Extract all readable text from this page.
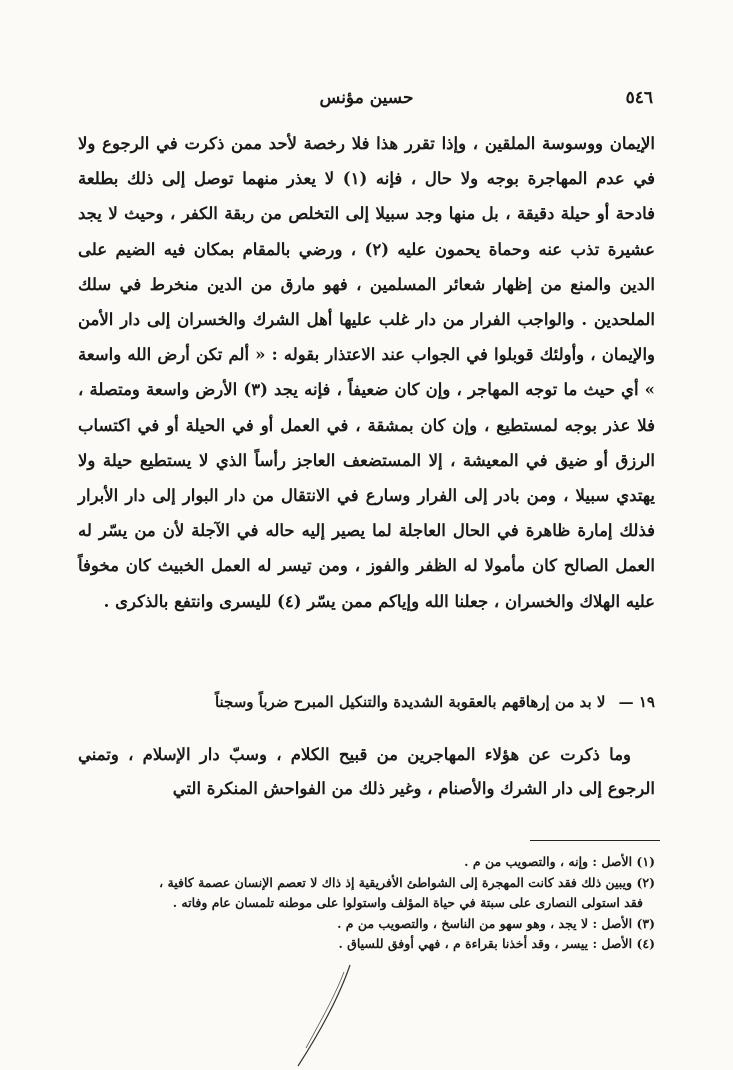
٥٤٦
حسين مؤنس

الإيمان ووسوسة الملقين ، وإذا تقرر هذا فلا رخصة لأحد ممن ذكرت في الرجوع ولا في عدم المهاجرة بوجه ولا حال ، فإنه (١) لا يعذر منهما توصل إلى ذلك بطلعة فادحة أو حيلة دقيقة ، بل منها وجد سبيلا إلى التخلص من ربقة الكفر ، وحيث لا يجد عشيرة تذب عنه وحماة يحمون عليه (٢) ، ورضي بالمقام بمكان فيه الضيم على الدين والمنع من إظهار شعائر المسلمين ، فهو مارق من الدين منخرط في سلك الملحدين . والواجب الفرار من دار غلب عليها أهل الشرك والخسران إلى دار الأمن والإيمان ، وأولئك قوبلوا في الجواب عند الاعتذار بقوله : « ألم تكن أرض الله واسعة » أي حيث ما توجه المهاجر ، وإن كان ضعيفاً ، فإنه يجد (٣) الأرض واسعة ومتصلة ، فلا عذر بوجه لمستطيع ، وإن كان بمشقة ، في العمل أو في الحيلة أو في اكتساب الرزق أو ضيق في المعيشة ، إلا المستضعف العاجز رأساً الذي لا يستطيع حيلة ولا يهتدي سبيلا ، ومن بادر إلى الفرار وسارع في الانتقال من دار البوار إلى دار الأبرار فذلك إمارة ظاهرة في الحال العاجلة لما يصير إليه حاله في الآجلة لأن من يسّر له العمل الصالح كان مأمولا له الظفر والفوز ، ومن تيسر له العمل الخبيث كان مخوفاً عليه الهلاك والخسران ، جعلنا الله وإياكم ممن يسّر (٤) لليسرى وانتفع بالذكرى .

١٩ — لا بد من إرهاقهم بالعقوبة الشديدة والتنكيل المبرح ضرباً وسجناً

وما ذكرت عن هؤلاء المهاجرين من قبيح الكلام ، وسبّ دار الإسلام ، وتمني الرجوع إلى دار الشرك والأصنام ، وغير ذلك من الفواحش المنكرة التي

(١) الأصل : وإنه ، والتصويب من م .

(٢) ويبين ذلك فقد كانت المهجرة إلى الشواطئ الأفريقية إذ ذاك لا تعصم الإنسان عصمة كافية ،

فقد استولى النصارى على سبتة في حياة المؤلف واستولوا على موطنه تلمسان عام وفاته .

(٣) الأصل : لا يجد ، وهو سهو من الناسخ ، والتصويب من م .

(٤) الأصل : ييسر ، وقد أخذنا بقراءة م ، فهي أوفق للسياق .
